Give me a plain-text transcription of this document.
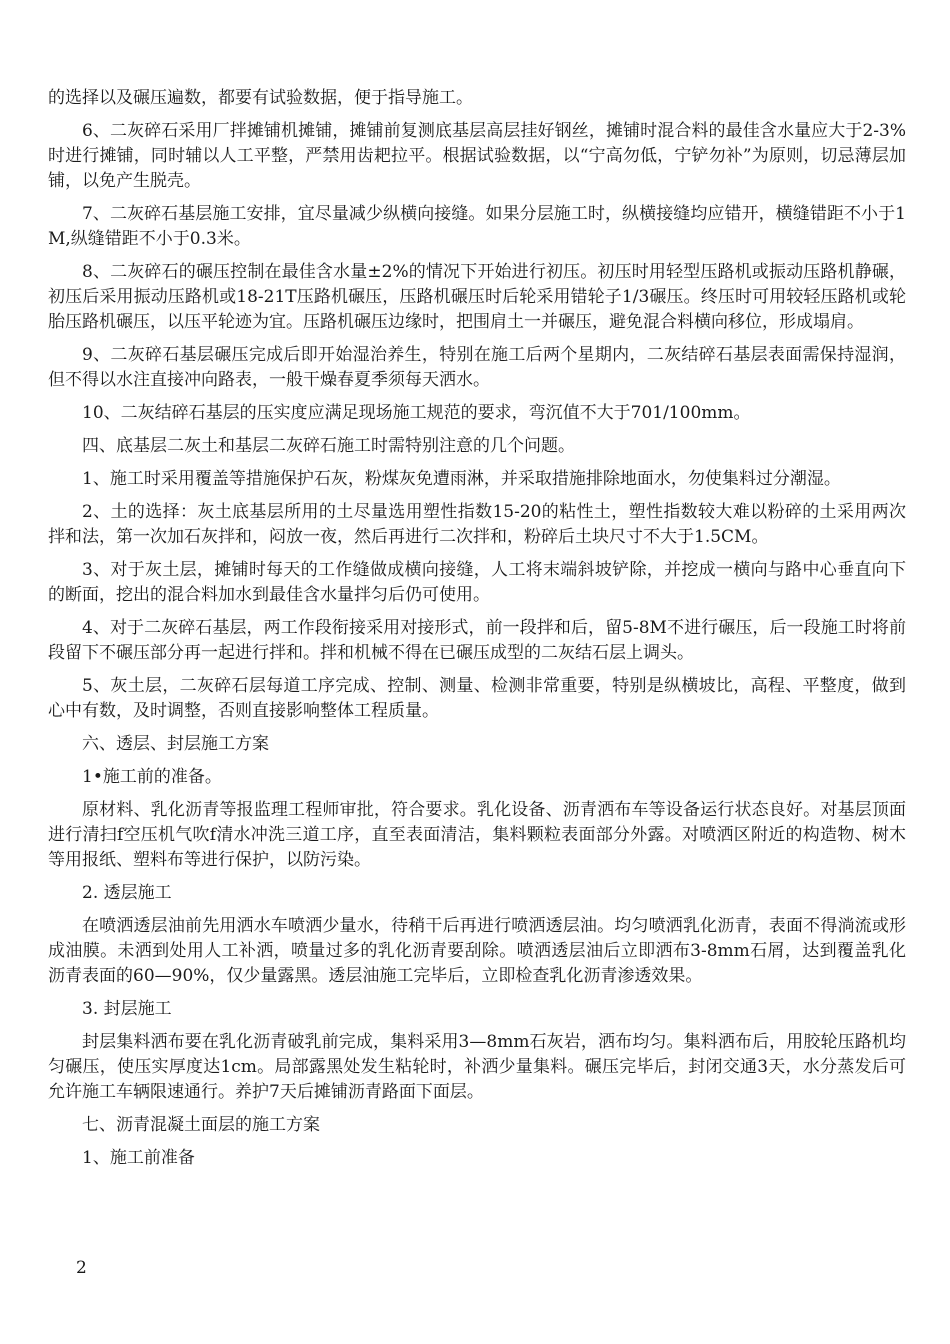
的选择以及碾压遍数，都要有试验数据，便于指导施工。

6、二灰碎石采用厂拌摊铺机摊铺，摊铺前复测底基层高层挂好钢丝，摊铺时混合料的最佳含水量应大于2-3%时进行摊铺，同时辅以人工平整，严禁用齿耙拉平。根据试验数据，以“宁高勿低，宁铲勿补”为原则，切忌薄层加铺，以免产生脱壳。

7、二灰碎石基层施工安排，宜尽量减少纵横向接缝。如果分层施工时，纵横接缝均应错开，横缝错距不小于1M,纵缝错距不小于0.3米。

8、二灰碎石的碾压控制在最佳含水量±2%的情况下开始进行初压。初压时用轻型压路机或振动压路机静碾，初压后采用振动压路机或18-21T压路机碾压，压路机碾压时后轮采用错轮子1/3碾压。终压时可用较轻压路机或轮胎压路机碾压，以压平轮迹为宜。压路机碾压边缘时，把围肩土一并碾压，避免混合料横向移位，形成塌肩。

9、二灰碎石基层碾压完成后即开始湿治养生，特别在施工后两个星期内，二灰结碎石基层表面需保持湿润，但不得以水注直接冲向路表，一般干燥春夏季须每天洒水。

10、二灰结碎石基层的压实度应满足现场施工规范的要求，弯沉值不大于701/100mm。

四、底基层二灰土和基层二灰碎石施工时需特别注意的几个问题。

1、施工时采用覆盖等措施保护石灰，粉煤灰免遭雨淋，并采取措施排除地面水，勿使集料过分潮湿。

2、土的选择：灰土底基层所用的土尽量选用塑性指数15-20的粘性土，塑性指数较大难以粉碎的土采用两次拌和法，第一次加石灰拌和，闷放一夜，然后再进行二次拌和，粉碎后土块尺寸不大于1.5CM。

3、对于灰土层，摊铺时每天的工作缝做成横向接缝，人工将末端斜坡铲除，并挖成一横向与路中心垂直向下的断面，挖出的混合料加水到最佳含水量拌匀后仍可使用。

4、对于二灰碎石基层，两工作段衔接采用对接形式，前一段拌和后，留5-8M不进行碾压，后一段施工时将前段留下不碾压部分再一起进行拌和。拌和机械不得在已碾压成型的二灰结石层上调头。

5、灰土层，二灰碎石层每道工序完成、控制、测量、检测非常重要，特别是纵横坡比，高程、平整度，做到心中有数，及时调整，否则直接影响整体工程质量。

六、透层、封层施工方案

1•施工前的准备。

原材料、乳化沥青等报监理工程师审批，符合要求。乳化设备、沥青洒布车等设备运行状态良好。对基层顶面进行清扫f空压机气吹f清水冲洗三道工序，直至表面清洁，集料颗粒表面部分外露。对喷洒区附近的构造物、树木等用报纸、塑料布等进行保护，以防污染。

2. 透层施工

在喷洒透层油前先用洒水车喷洒少量水，待稍干后再进行喷洒透层油。均匀喷洒乳化沥青，表面不得淌流或形成油膜。未洒到处用人工补洒，喷量过多的乳化沥青要刮除。喷洒透层油后立即洒布3-8mm石屑，达到覆盖乳化沥青表面的60—90%，仅少量露黑。透层油施工完毕后，立即检查乳化沥青渗透效果。

3. 封层施工

封层集料洒布要在乳化沥青破乳前完成，集料采用3—8mm石灰岩，洒布均匀。集料洒布后，用胶轮压路机均匀碾压，使压实厚度达1cm。局部露黑处发生粘轮时，补洒少量集料。碾压完毕后，封闭交通3天，水分蒸发后可允许施工车辆限速通行。养护7天后摊铺沥青路面下面层。

七、沥青混凝土面层的施工方案

1、施工前准备

2
